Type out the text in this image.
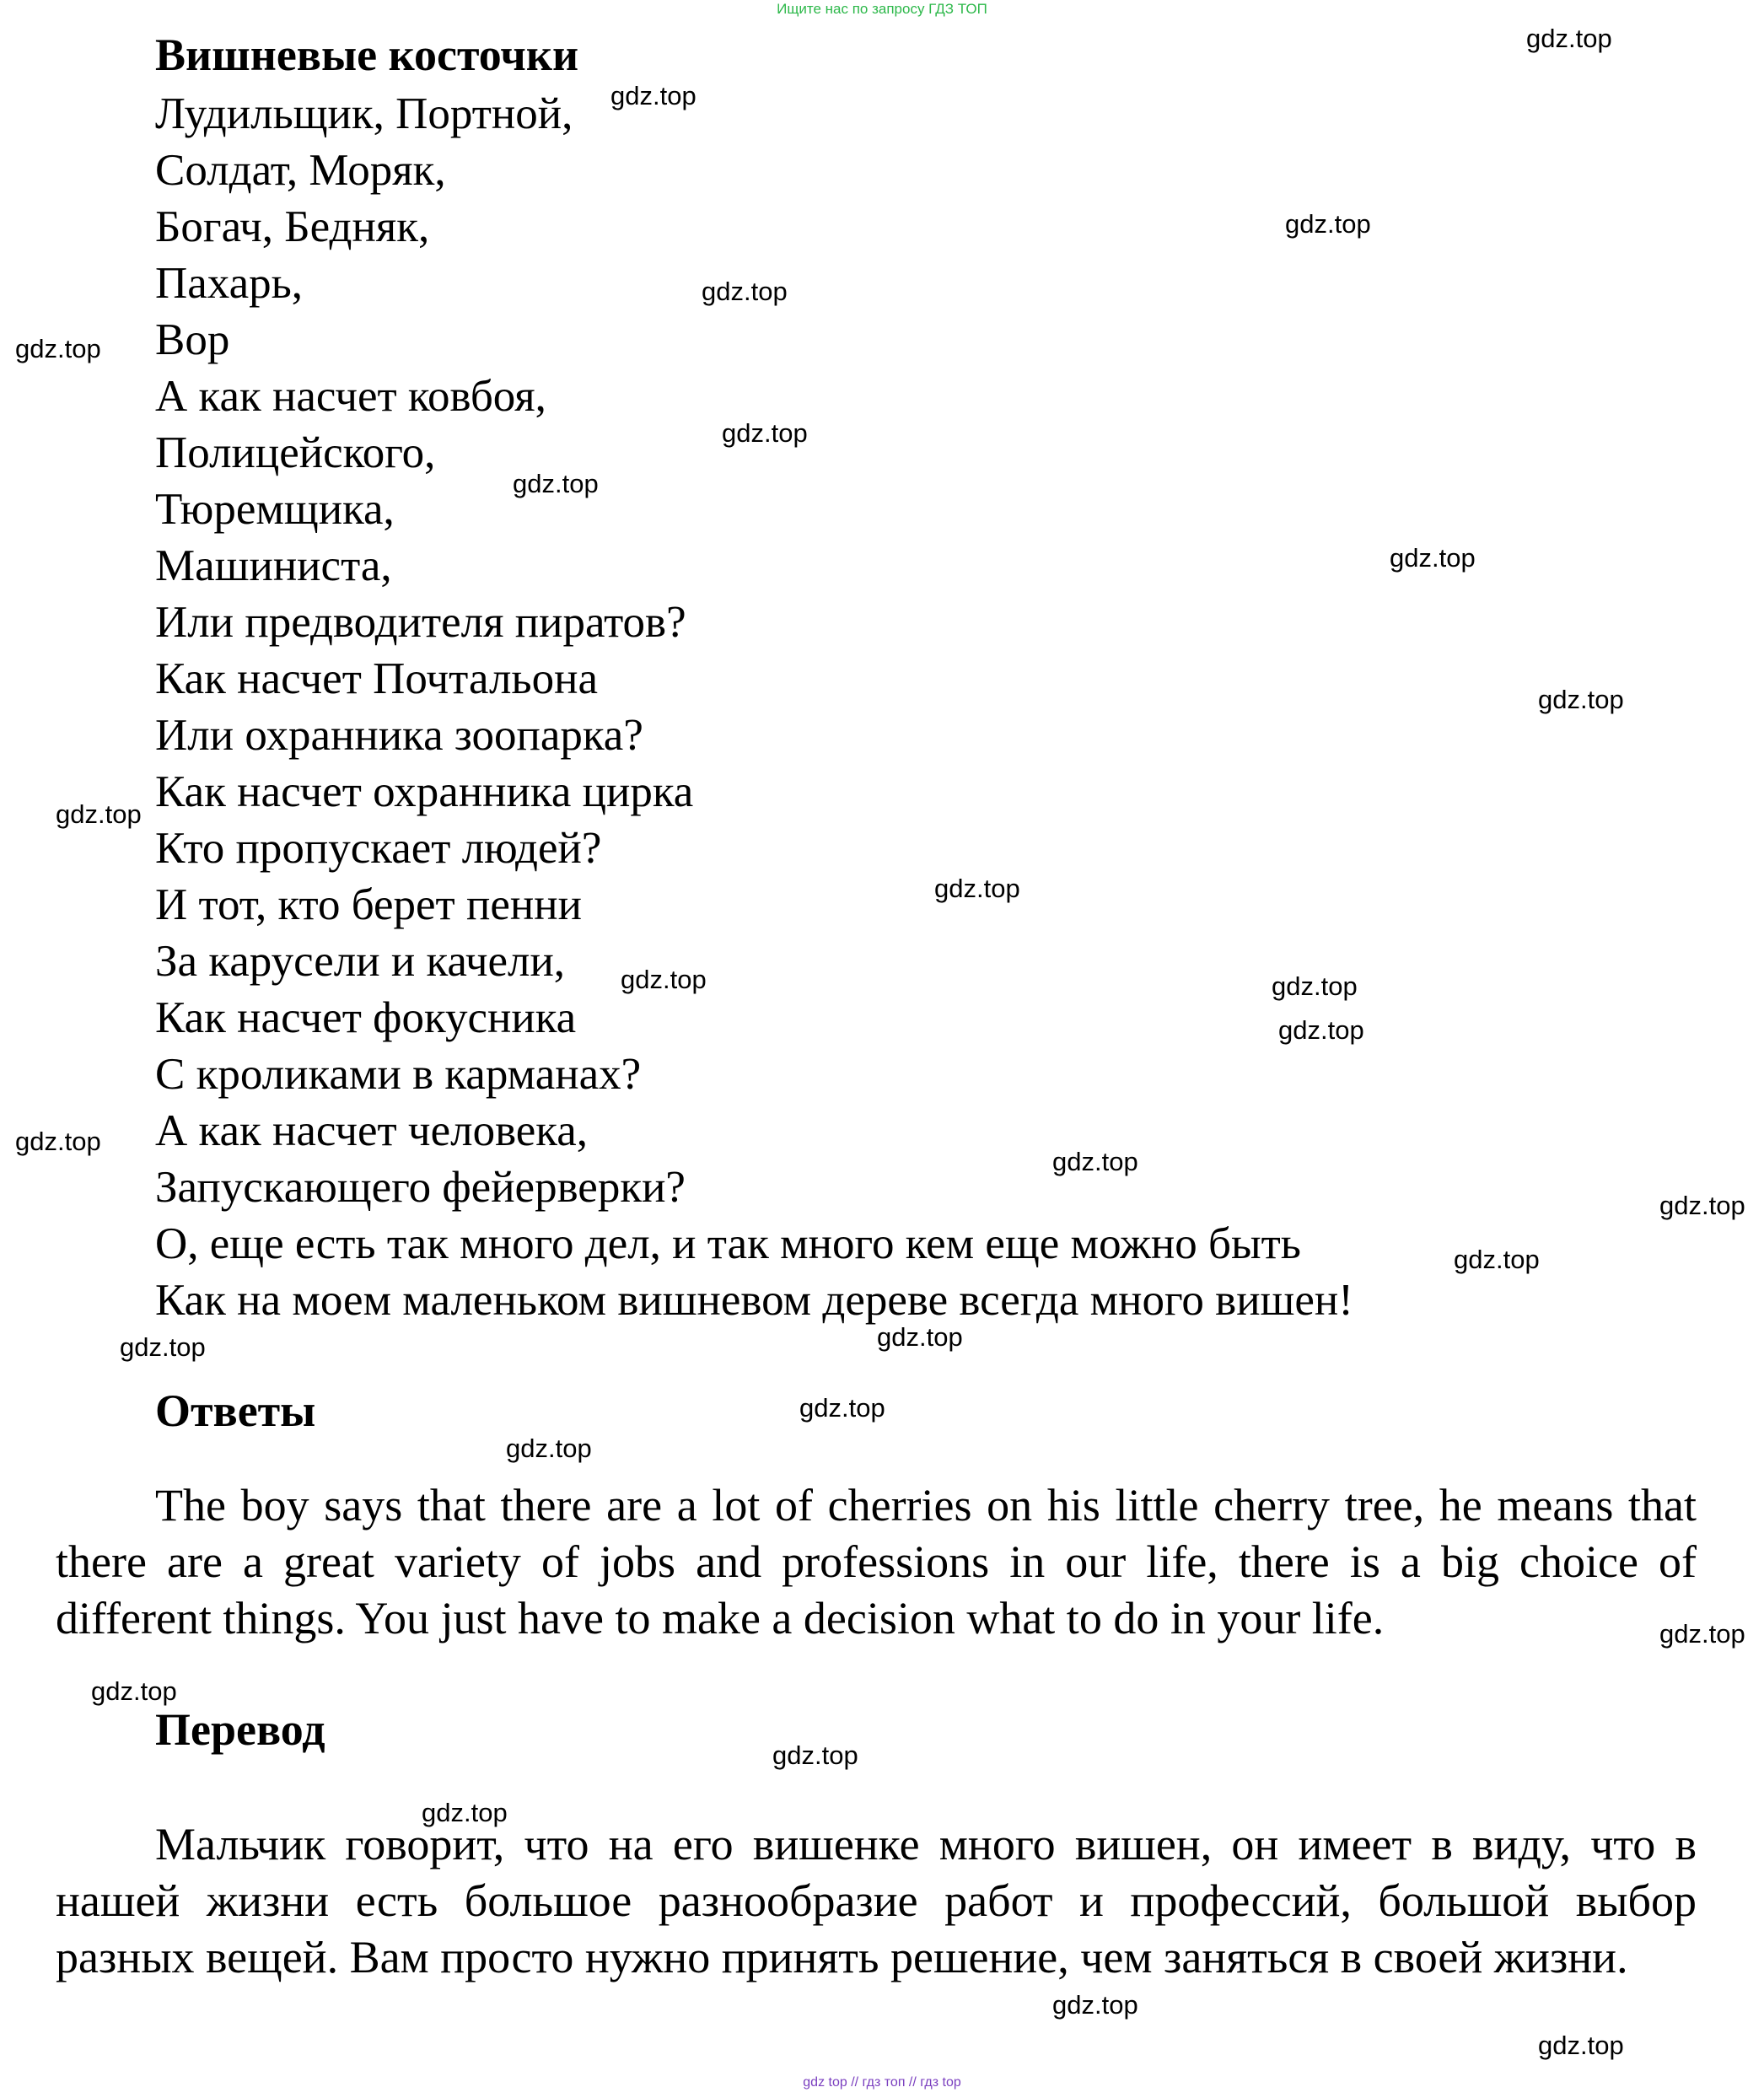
Ищите нас по запросу ГДЗ ТОП
Вишневые косточки
Лудильщик, Портной,
Солдат, Моряк,
Богач, Бедняк,
Пахарь,
Вор
А как насчет ковбоя,
Полицейского,
Тюремщика,
Машиниста,
Или предводителя пиратов?
Как насчет Почтальона
Или охранника зоопарка?
Как насчет охранника цирка
Кто пропускает людей?
И тот, кто берет пенни
За карусели и качели,
Как насчет фокусника
С кроликами в карманах?
А как насчет человека,
Запускающего фейерверки?
О, еще есть так много дел, и так много кем еще можно быть
Как на моем маленьком вишневом дереве всегда много вишен!
Ответы

The boy says that there are a lot of cherries on his little cherry tree, he means that there are a great variety of jobs and professions in our life, there is a big choice of different things. You just have to make a decision what to do in your life.

Перевод

Мальчик говорит, что на его вишенке много вишен, он имеет в виду, что в нашей жизни есть большое разнообразие работ и профессий, большой выбор разных вещей. Вам просто нужно принять решение, чем заняться в своей жизни.

gdz.top
gdz.top
gdz.top
gdz.top
gdz.top
gdz.top
gdz.top
gdz.top
gdz.top
gdz.top
gdz.top
gdz.top
gdz.top
gdz.top
gdz.top
gdz.top
gdz.top
gdz.top
gdz.top
gdz.top
gdz.top
gdz.top
gdz.top
gdz.top
gdz.top
gdz.top
gdz.top
gdz.top
gdz top // гдз топ // гдз top
